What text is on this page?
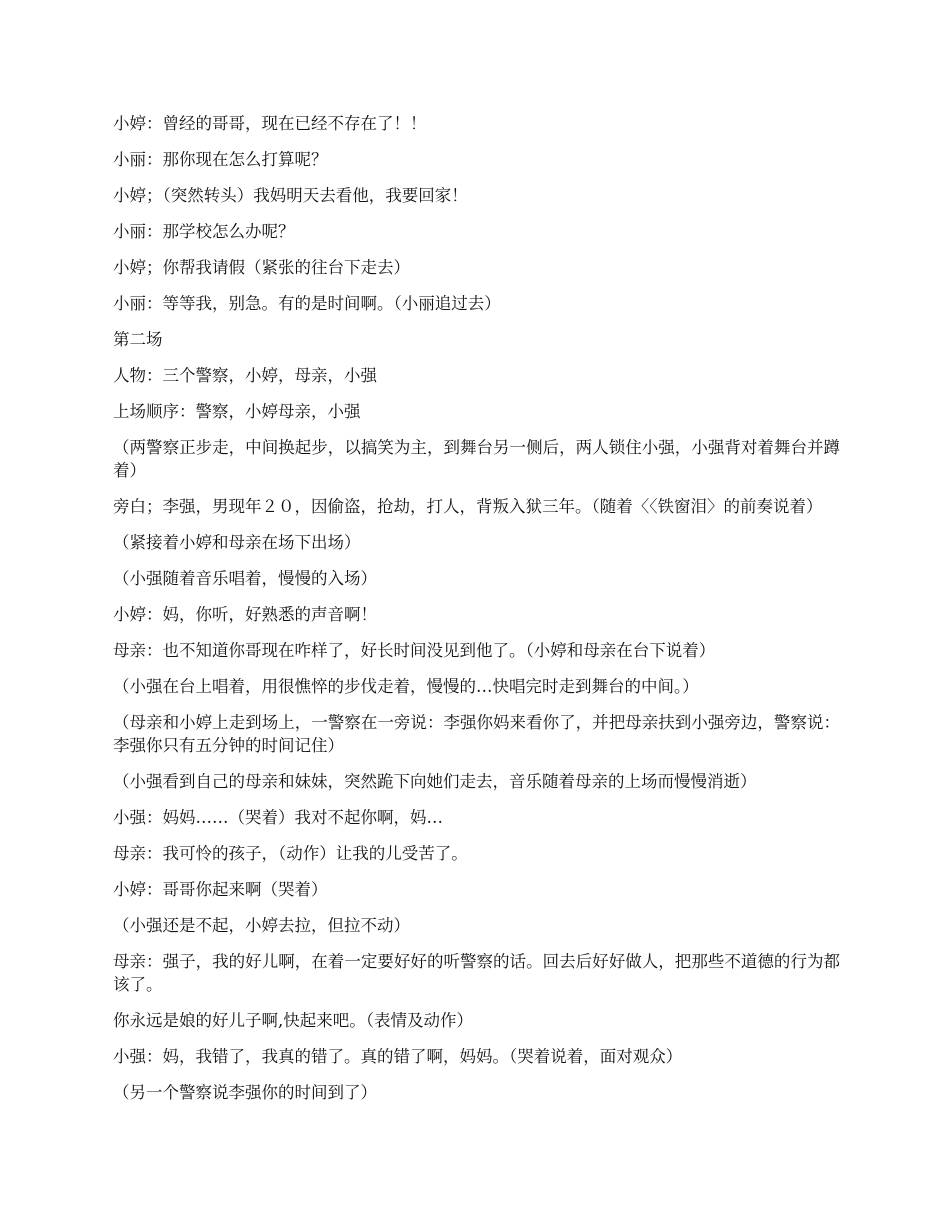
小婷：曾经的哥哥，现在已经不存在了！！

小丽：那你现在怎么打算呢？

小婷；（突然转头）我妈明天去看他，我要回家！

小丽：那学校怎么办呢？

小婷；你帮我请假（紧张的往台下走去）

小丽：等等我，别急。有的是时间啊。（小丽追过去）

第二场

人物：三个警察，小婷，母亲，小强

上场顺序：警察，小婷母亲，小强

（两警察正步走，中间换起步，以搞笑为主，到舞台另一侧后，两人锁住小强，小强背对着舞台并蹲着）

旁白；李强，男现年２０，因偷盗，抢劫，打人，背叛入狱三年。（随着〈〈铁窗泪〉的前奏说着）

（紧接着小婷和母亲在场下出场）

（小强随着音乐唱着，慢慢的入场）

小婷：妈，你听，好熟悉的声音啊！

母亲：也不知道你哥现在咋样了，好长时间没见到他了。（小婷和母亲在台下说着）

（小强在台上唱着，用很憔悴的步伐走着，慢慢的…快唱完时走到舞台的中间。）

（母亲和小婷上走到场上，一警察在一旁说：李强你妈来看你了，并把母亲扶到小强旁边，警察说：李强你只有五分钟的时间记住）

（小强看到自己的母亲和妹妹，突然跪下向她们走去，音乐随着母亲的上场而慢慢消逝）

小强：妈妈……（哭着）我对不起你啊，妈…

母亲：我可怜的孩子，（动作）让我的儿受苦了。

小婷：哥哥你起来啊（哭着）

（小强还是不起，小婷去拉，但拉不动）

母亲：强子，我的好儿啊，在着一定要好好的听警察的话。回去后好好做人，把那些不道德的行为都该了。

你永远是娘的好儿子啊,快起来吧。（表情及动作）

小强：妈，我错了，我真的错了。真的错了啊，妈妈。（哭着说着，面对观众）

（另一个警察说李强你的时间到了）
